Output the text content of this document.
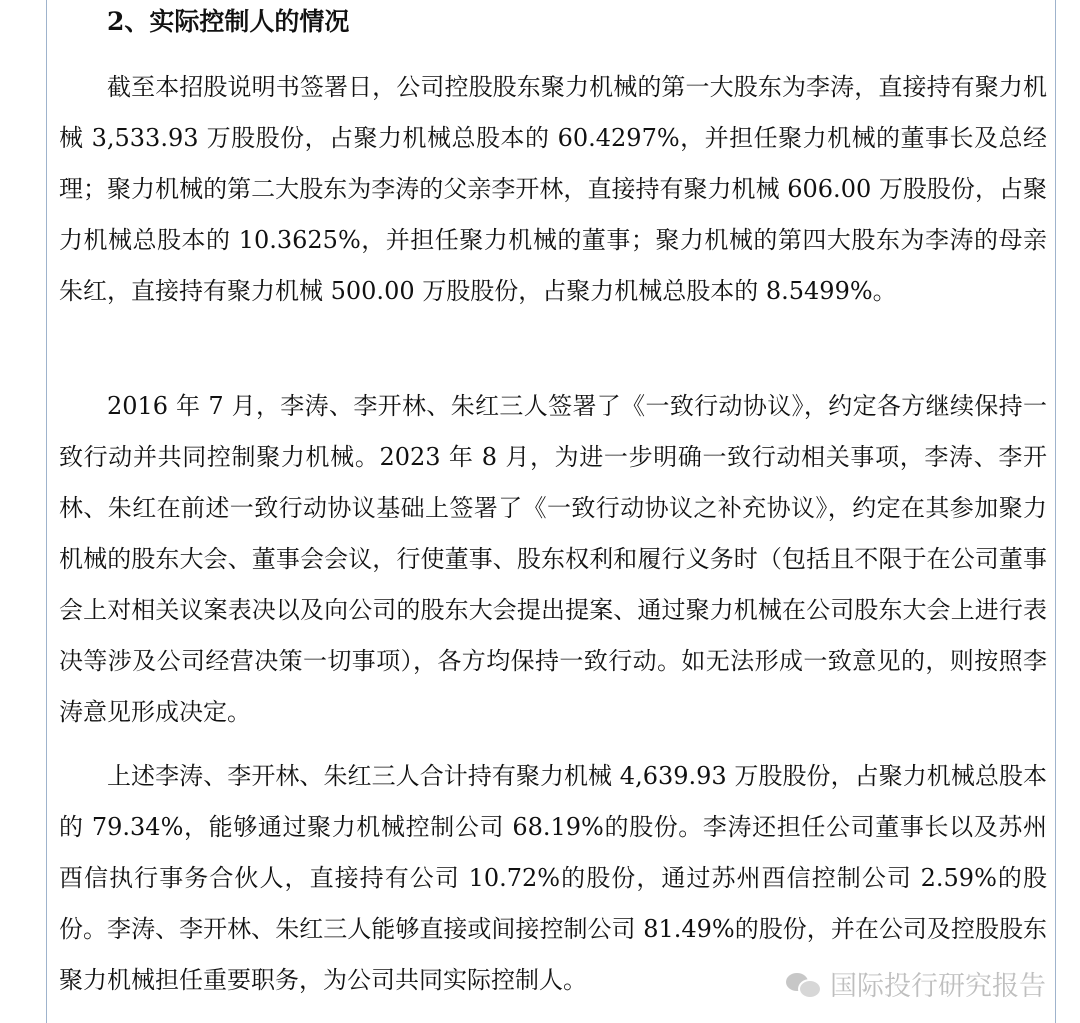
2、实际控制人的情况
截至本招股说明书签署日，公司控股股东聚力机械的第一大股东为李涛，直接持有聚力机械 3,533.93 万股股份，占聚力机械总股本的 60.4297%，并担任聚力机械的董事长及总经理；聚力机械的第二大股东为李涛的父亲李开林，直接持有聚力机械 606.00 万股股份，占聚力机械总股本的 10.3625%，并担任聚力机械的董事；聚力机械的第四大股东为李涛的母亲朱红，直接持有聚力机械 500.00 万股股份，占聚力机械总股本的 8.5499%。
2016 年 7 月，李涛、李开林、朱红三人签署了《一致行动协议》，约定各方继续保持一致行动并共同控制聚力机械。2023 年 8 月，为进一步明确一致行动相关事项，李涛、李开林、朱红在前述一致行动协议基础上签署了《一致行动协议之补充协议》，约定在其参加聚力机械的股东大会、董事会会议，行使董事、股东权利和履行义务时（包括且不限于在公司董事会上对相关议案表决以及向公司的股东大会提出提案、通过聚力机械在公司股东大会上进行表决等涉及公司经营决策一切事项），各方均保持一致行动。如无法形成一致意见的，则按照李涛意见形成决定。
上述李涛、李开林、朱红三人合计持有聚力机械 4,639.93 万股股份，占聚力机械总股本的 79.34%，能够通过聚力机械控制公司 68.19%的股份。李涛还担任公司董事长以及苏州酉信执行事务合伙人，直接持有公司 10.72%的股份，通过苏州酉信控制公司 2.59%的股份。李涛、李开林、朱红三人能够直接或间接控制公司 81.49%的股份，并在公司及控股股东聚力机械担任重要职务，为公司共同实际控制人。	国际投行研究报告
